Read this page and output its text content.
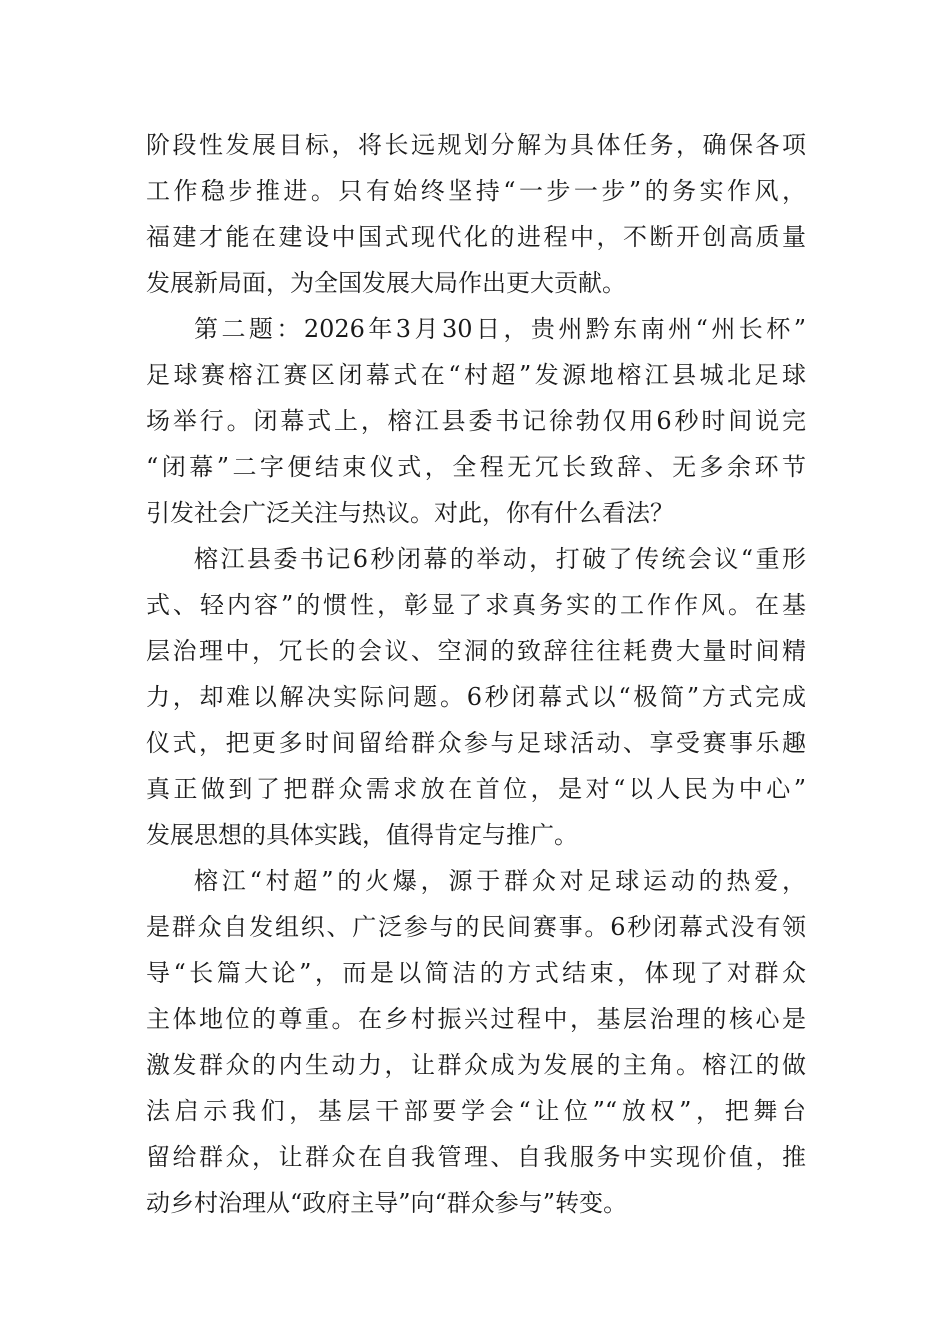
阶段性发展目标，将长远规划分解为具体任务，确保各项
工作稳步推进。只有始终坚持“一步一步”的务实作风，
福建才能在建设中国式现代化的进程中，不断开创高质量
发展新局面，为全国发展大局作出更大贡献。
第二题：2026年3月30日，贵州黔东南州“州长杯”
足球赛榕江赛区闭幕式在“村超”发源地榕江县城北足球
场举行。闭幕式上，榕江县委书记徐勃仅用6秒时间说完
“闭幕”二字便结束仪式，全程无冗长致辞、无多余环节
引发社会广泛关注与热议。对此，你有什么看法？
榕江县委书记6秒闭幕的举动，打破了传统会议“重形
式、轻内容”的惯性，彰显了求真务实的工作作风。在基
层治理中，冗长的会议、空洞的致辞往往耗费大量时间精
力，却难以解决实际问题。6秒闭幕式以“极简”方式完成
仪式，把更多时间留给群众参与足球活动、享受赛事乐趣
真正做到了把群众需求放在首位，是对“以人民为中心”
发展思想的具体实践，值得肯定与推广。
榕江“村超”的火爆，源于群众对足球运动的热爱，
是群众自发组织、广泛参与的民间赛事。6秒闭幕式没有领
导“长篇大论”，而是以简洁的方式结束，体现了对群众
主体地位的尊重。在乡村振兴过程中，基层治理的核心是
激发群众的内生动力，让群众成为发展的主角。榕江的做
法启示我们，基层干部要学会“让位”“放权”，把舞台
留给群众，让群众在自我管理、自我服务中实现价值，推
动乡村治理从“政府主导”向“群众参与”转变。
